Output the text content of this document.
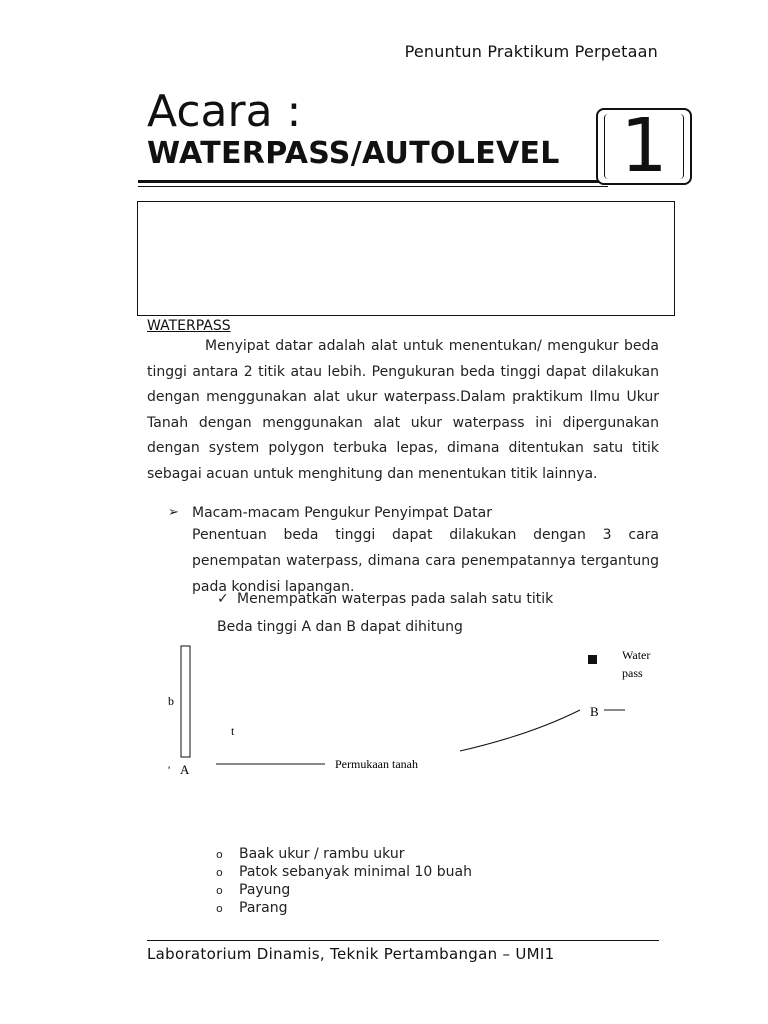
Penuntun Praktikum Perpetaan
Acara :
WATERPASS/AUTOLEVEL 1
WATERPASS
Menyipat datar adalah alat untuk menentukan/ mengukur beda tinggi antara 2 titik atau lebih. Pengukuran beda tinggi dapat dilakukan dengan menggunakan alat ukur waterpass.Dalam praktikum Ilmu Ukur Tanah dengan menggunakan alat ukur waterpass ini dipergunakan dengan system polygon terbuka lepas, dimana ditentukan satu titik sebagai acuan untuk menghitung dan menentukan titik lainnya.
➢ Macam-macam Pengukur Penyimpat Datar
Penentuan beda tinggi dapat dilakukan dengan 3 cara penempatan waterpass, dimana cara penempatannya tergantung pada kondisi lapangan.
✓ Menempatkan waterpas pada salah satu titik
Beda tinggi A dan B dapat dihitung
b
t
' A	Permukaan tanah
B
Water
pass
o Baak ukur / rambu ukur
o Patok sebanyak minimal 10 buah
o Payung
o Parang
Laboratorium Dinamis, Teknik Pertambangan – UMI1
